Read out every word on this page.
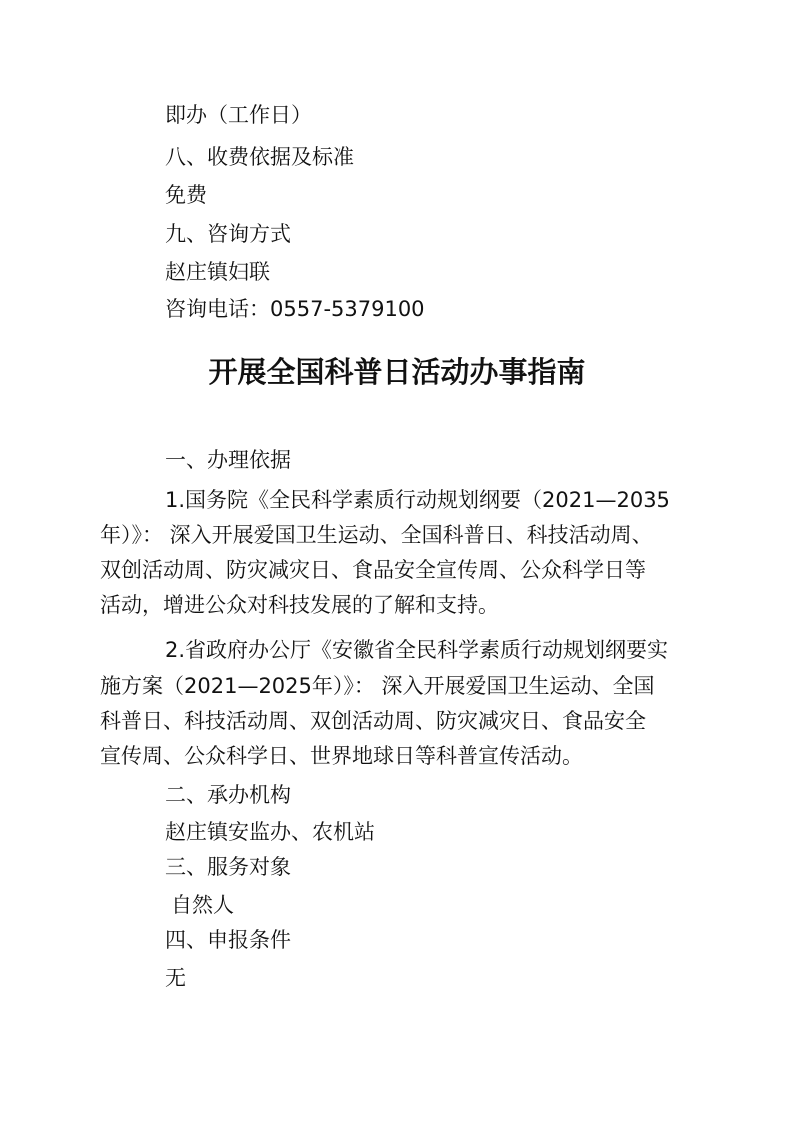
即办（工作日）
八、收费依据及标准
免费
九、咨询方式
赵庄镇妇联
咨询电话：0557-5379100
开展全国科普日活动办事指南
一、办理依据
1.国务院《全民科学素质行动规划纲要（2021—2035
年）》： 深入开展爱国卫生运动、全国科普日、科技活动周、
双创活动周、防灾减灾日、食品安全宣传周、公众科学日等
活动，增进公众对科技发展的了解和支持。
2.省政府办公厅《安徽省全民科学素质行动规划纲要实
施方案（2021—2025年）》： 深入开展爱国卫生运动、全国
科普日、科技活动周、双创活动周、防灾减灾日、食品安全
宣传周、公众科学日、世界地球日等科普宣传活动。
二、承办机构
赵庄镇安监办、农机站
三、服务对象
自然人
四、申报条件
无
